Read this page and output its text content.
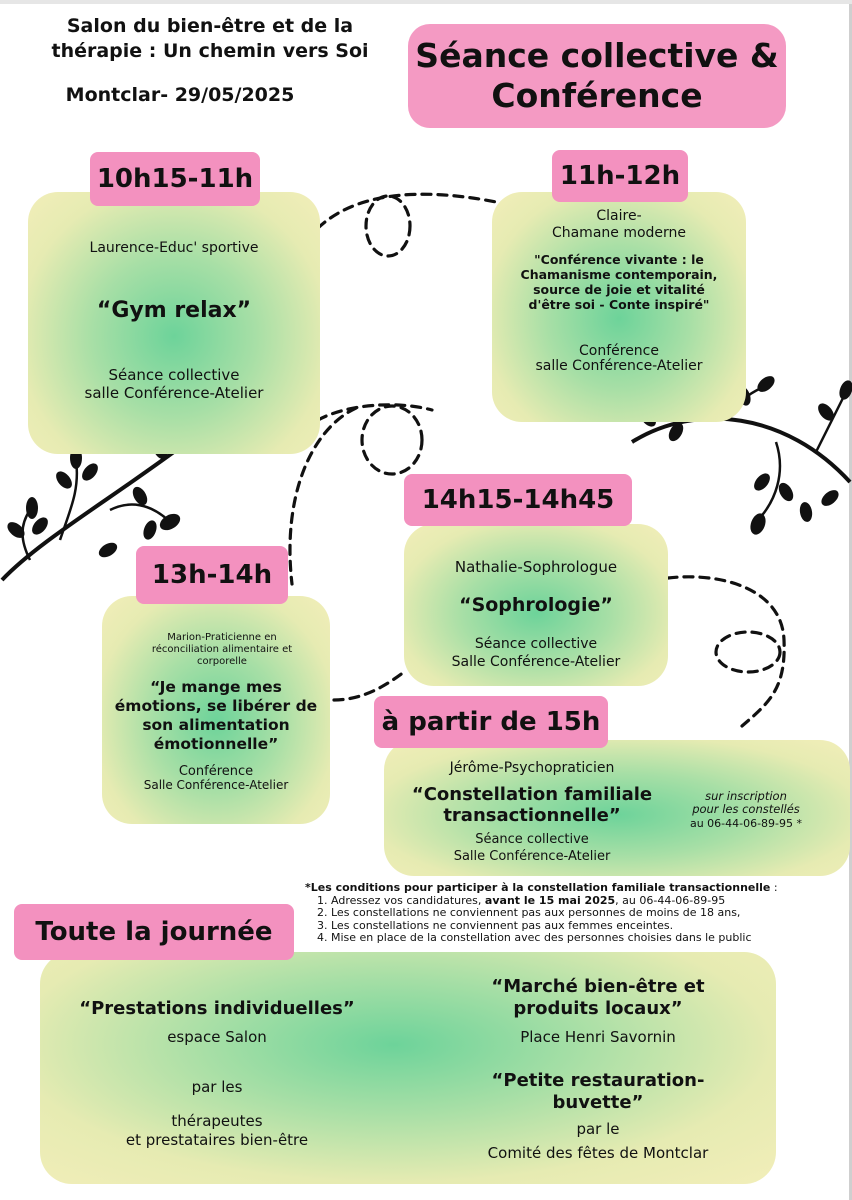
Salon du bien-être et de la thérapie : Un chemin vers Soi
Montclar- 29/05/2025
Séance collective & Conférence
10h15-11h
Laurence-Educ' sportive
“Gym relax”
Séance collective
salle Conférence-Atelier
11h-12h
Claire-
Chamane moderne
"Conférence vivante : le Chamanisme contemporain, source de joie et vitalité d'être soi - Conte inspiré"
Conférence
salle Conférence-Atelier
13h-14h
Marion-Praticienne en réconciliation alimentaire et corporelle
“Je mange mes émotions, se libérer de son alimentation émotionnelle”
Conférence
Salle Conférence-Atelier
14h15-14h45
Nathalie-Sophrologue
“Sophrologie”
Séance collective
Salle Conférence-Atelier
à partir de 15h
Jérôme-Psychopraticien
“Constellation familiale transactionnelle”
Séance collective
Salle Conférence-Atelier
sur inscription
pour les constellés
au 06-44-06-89-95 *
*Les conditions pour participer à la constellation familiale transactionnelle :
1. Adressez vos candidatures, avant le 15 mai 2025, au 06-44-06-89-95
2. Les constellations ne conviennent pas aux personnes de moins de 18 ans,
3. Les constellations ne conviennent pas aux femmes enceintes.
4. Mise en place de la constellation avec des personnes choisies dans le public
Toute la journée
“Prestations individuelles”
espace Salon
par les
thérapeutes
et prestataires bien-être
“Marché bien-être et produits locaux”
Place Henri Savornin
“Petite restauration-buvette”
par le
Comité des fêtes de Montclar
